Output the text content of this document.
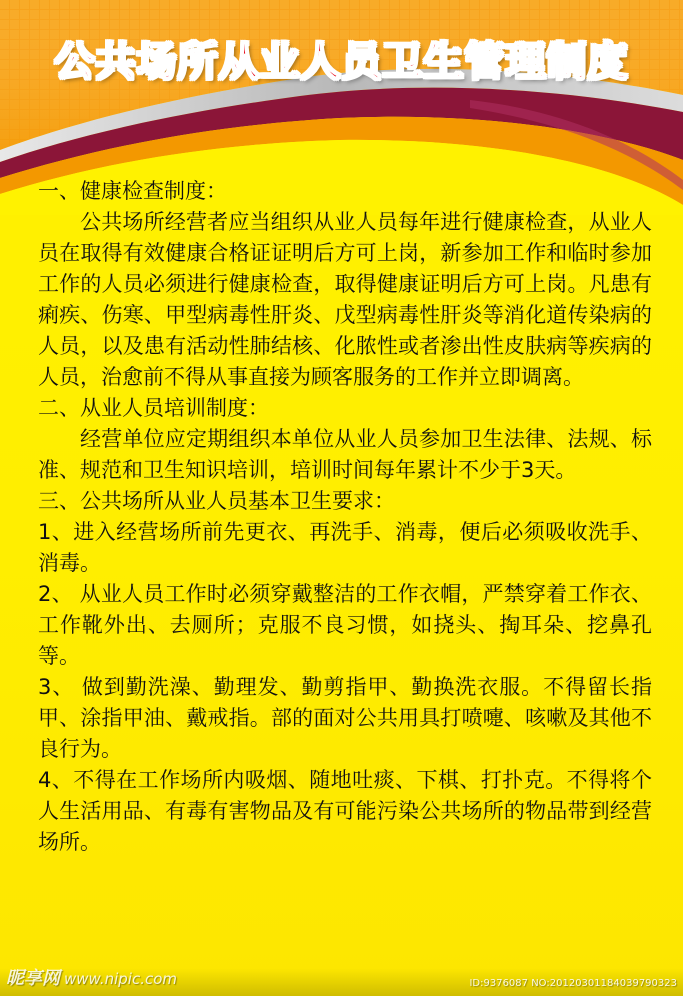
公共场所从业人员卫生管理制度

一、健康检查制度：

公共场所经营者应当组织从业人员每年进行健康检查，从业人员在取得有效健康合格证证明后方可上岗，新参加工作和临时参加工作的人员必须进行健康检查，取得健康证明后方可上岗。凡患有痢疾、伤寒、甲型病毒性肝炎、戊型病毒性肝炎等消化道传染病的人员，以及患有活动性肺结核、化脓性或者渗出性皮肤病等疾病的人员，治愈前不得从事直接为顾客服务的工作并立即调离。

二、从业人员培训制度：

经营单位应定期组织本单位从业人员参加卫生法律、法规、标准、规范和卫生知识培训，培训时间每年累计不少于3天。

三、公共场所从业人员基本卫生要求：

1、进入经营场所前先更衣、再洗手、消毒，便后必须吸收洗手、消毒。

2、 从业人员工作时必须穿戴整洁的工作衣帽，严禁穿着工作衣、工作靴外出、去厕所；克服不良习惯，如挠头、掏耳朵、挖鼻孔等。

3、 做到勤洗澡、勤理发、勤剪指甲、勤换洗衣服。不得留长指甲、涂指甲油、戴戒指。部的面对公共用具打喷嚏、咳嗽及其他不良行为。

4、不得在工作场所内吸烟、随地吐痰、下棋、打扑克。不得将个人生活用品、有毒有害物品及有可能污染公共场所的物品带到经营场所。

昵享网 www.nipic.com	ID:9376087 NO:20120301184039790323
